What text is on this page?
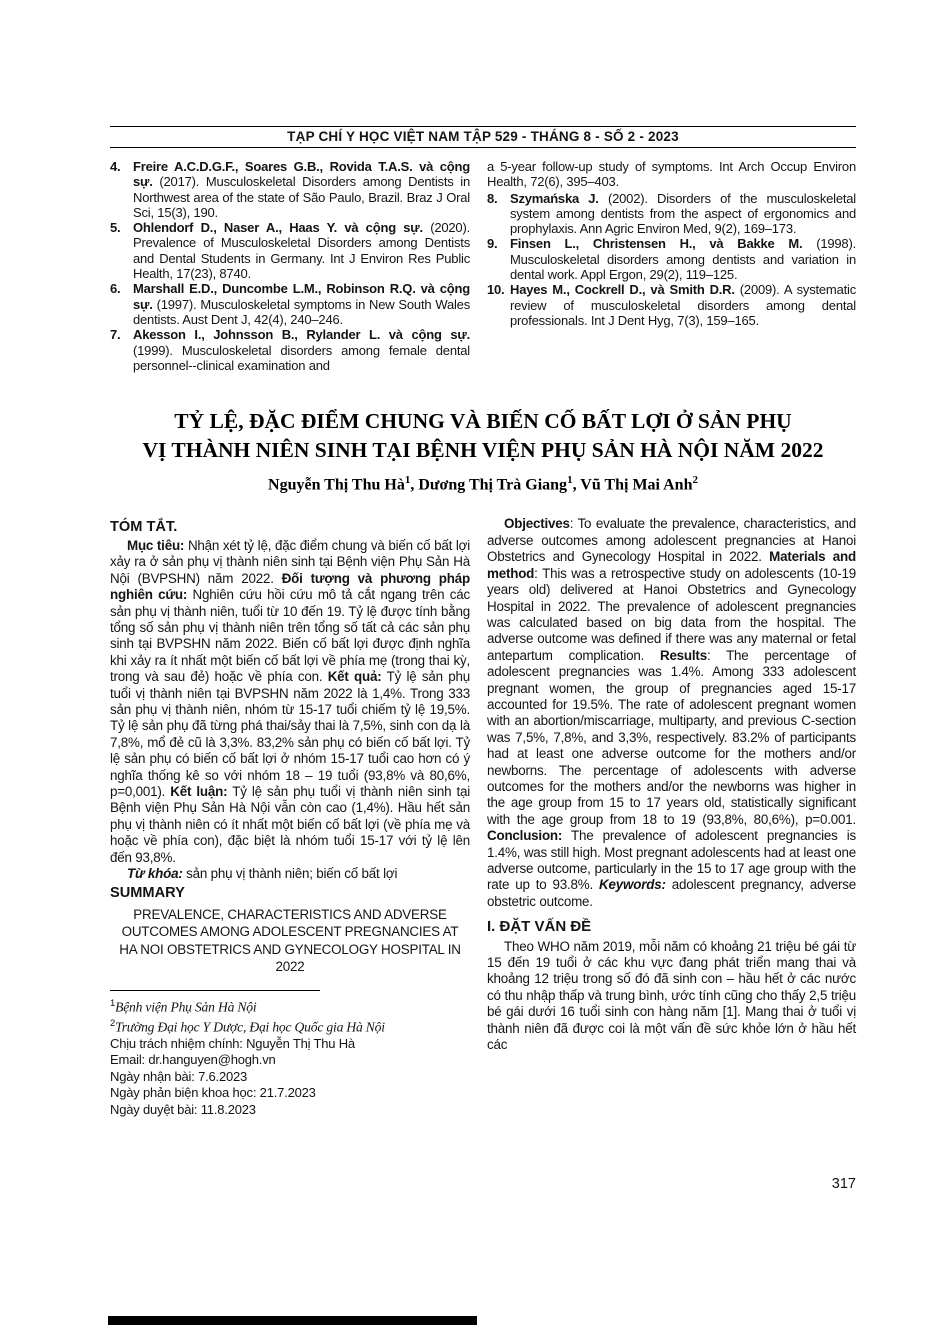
TẠP CHÍ Y HỌC VIỆT NAM TẬP 529 - THÁNG 8 - SỐ 2 - 2023
4. Freire A.C.D.G.F., Soares G.B., Rovida T.A.S. và cộng sự. (2017). Musculoskeletal Disorders among Dentists in Northwest area of the state of São Paulo, Brazil. Braz J Oral Sci, 15(3), 190.
5. Ohlendorf D., Naser A., Haas Y. và cộng sự. (2020). Prevalence of Musculoskeletal Disorders among Dentists and Dental Students in Germany. Int J Environ Res Public Health, 17(23), 8740.
6. Marshall E.D., Duncombe L.M., Robinson R.Q. và cộng sự. (1997). Musculoskeletal symptoms in New South Wales dentists. Aust Dent J, 42(4), 240–246.
7. Akesson I., Johnsson B., Rylander L. và cộng sự. (1999). Musculoskeletal disorders among female dental personnel--clinical examination and
a 5-year follow-up study of symptoms. Int Arch Occup Environ Health, 72(6), 395–403.
8. Szymańska J. (2002). Disorders of the musculoskeletal system among dentists from the aspect of ergonomics and prophylaxis. Ann Agric Environ Med, 9(2), 169–173.
9. Finsen L., Christensen H., và Bakke M. (1998). Musculoskeletal disorders among dentists and variation in dental work. Appl Ergon, 29(2), 119–125.
10. Hayes M., Cockrell D., và Smith D.R. (2009). A systematic review of musculoskeletal disorders among dental professionals. Int J Dent Hyg, 7(3), 159–165.
TỶ LỆ, ĐẶC ĐIỂM CHUNG VÀ BIẾN CỐ BẤT LỢI Ở SẢN PHỤ
VỊ THÀNH NIÊN SINH TẠI BỆNH VIỆN PHỤ SẢN HÀ NỘI NĂM 2022
Nguyễn Thị Thu $Hà^1$, Dương Thị Trà Giang$^1$, Vũ Thị Mai Anh$^2$
TÓM TẮT.

Mục tiêu: Nhận xét tỷ lệ, đặc điểm chung và biến cố bất lợi xảy ra ở sản phụ vị thành niên sinh tại Bệnh viện Phụ Sản Hà Nội (BVPSHN) năm 2022. Đối tượng và phương pháp nghiên cứu: Nghiên cứu hồi cứu mô tả cắt ngang trên các sản phụ vị thành niên, tuổi từ 10 đến 19. Tỷ lệ được tính bằng tổng số sản phụ vị thành niên trên tổng số tất cả các sản phụ sinh tại BVPSHN năm 2022. Biến cố bất lợi được định nghĩa khi xảy ra ít nhất một biến cố bất lợi về phía mẹ (trong thai kỳ, trong và sau đẻ) hoặc về phía con. Kết quả: Tỷ lệ sản phụ tuổi vị thành niên tại BVPSHN năm 2022 là 1,4%. Trong 333 sản phụ vị thành niên, nhóm từ 15-17 tuổi chiếm tỷ lệ 19,5%. Tỷ lệ sản phụ đã từng phá thai/sảy thai là 7,5%, sinh con dạ là 7,8%, mổ đẻ cũ là 3,3%. 83,2% sản phụ có biến cố bất lợi. Tỷ lệ sản phụ có biến cố bất lợi ở nhóm 15-17 tuổi cao hơn có ý nghĩa thống kê so với nhóm 18 – 19 tuổi (93,8% và 80,6%, p=0,001). Kết luận: Tỷ lệ sản phụ tuổi vị thành niên sinh tại Bệnh viện Phụ Sản Hà Nội vẫn còn cao (1,4%). Hầu hết sản phụ vị thành niên có ít nhất một biến cố bất lợi (về phía mẹ và hoặc về phía con), đặc biệt là nhóm tuổi 15-17 với tỷ lệ lên đến 93,8%.

Từ khóa: sản phụ vị thành niên; biến cố bất lợi

SUMMARY
PREVALENCE, CHARACTERISTICS AND ADVERSE OUTCOMES AMONG ADOLESCENT PREGNANCIES AT HA NOI OBSTETRICS AND GYNECOLOGY HOSPITAL IN 2022
$^1$Bệnh viện Phụ Sản Hà Nội
$^2$Trường Đại học Y Dược, Đại học Quốc gia Hà Nội
Chịu trách nhiệm chính: Nguyễn Thị Thu Hà
Email: dr.hanguyen@hogh.vn
Ngày nhận bài: 7.6.2023
Ngày phản biện khoa học: 21.7.2023
Ngày duyệt bài: 11.8.2023

Objectives: To evaluate the prevalence, characteristics, and adverse outcomes among adolescent pregnancies at Hanoi Obstetrics and Gynecology Hospital in 2022. Materials and method: This was a retrospective study on adolescents (10-19 years old) delivered at Hanoi Obstetrics and Gynecology Hospital in 2022. The prevalence of adolescent pregnancies was calculated based on big data from the hospital. The adverse outcome was defined if there was any maternal or fetal antepartum complication. Results: The percentage of adolescent pregnancies was 1.4%. Among 333 adolescent pregnant women, the group of pregnancies aged 15-17 accounted for 19.5%. The rate of adolescent pregnant women with an abortion/miscarriage, multiparty, and previous C-section was 7,5%, 7,8%, and 3,3%, respectively. 83.2% of participants had at least one adverse outcome for the mothers and/or newborns. The percentage of adolescents with adverse outcomes for the mothers and/or the newborns was higher in the age group from 15 to 17 years old, statistically significant with the age group from 18 to 19 (93,8%, 80,6%), p=0.001. Conclusion: The prevalence of adolescent pregnancies is 1.4%, was still high. Most pregnant adolescents had at least one adverse outcome, particularly in the 15 to 17 age group with the rate up to 93.8%. Keywords: adolescent pregnancy, adverse obstetric outcome.

I. ĐẶT VẤN ĐỀ

Theo WHO năm 2019, mỗi năm có khoảng 21 triệu bé gái từ 15 đến 19 tuổi ở các khu vực đang phát triển mang thai và khoảng 12 triệu trong số đó đã sinh con – hầu hết ở các nước có thu nhập thấp và trung bình, ước tính cũng cho thấy 2,5 triệu bé gái dưới 16 tuổi sinh con hàng năm [1]. Mang thai ở tuổi vị thành niên đã được coi là một vấn đề sức khỏe lớn ở hầu hết các

317
